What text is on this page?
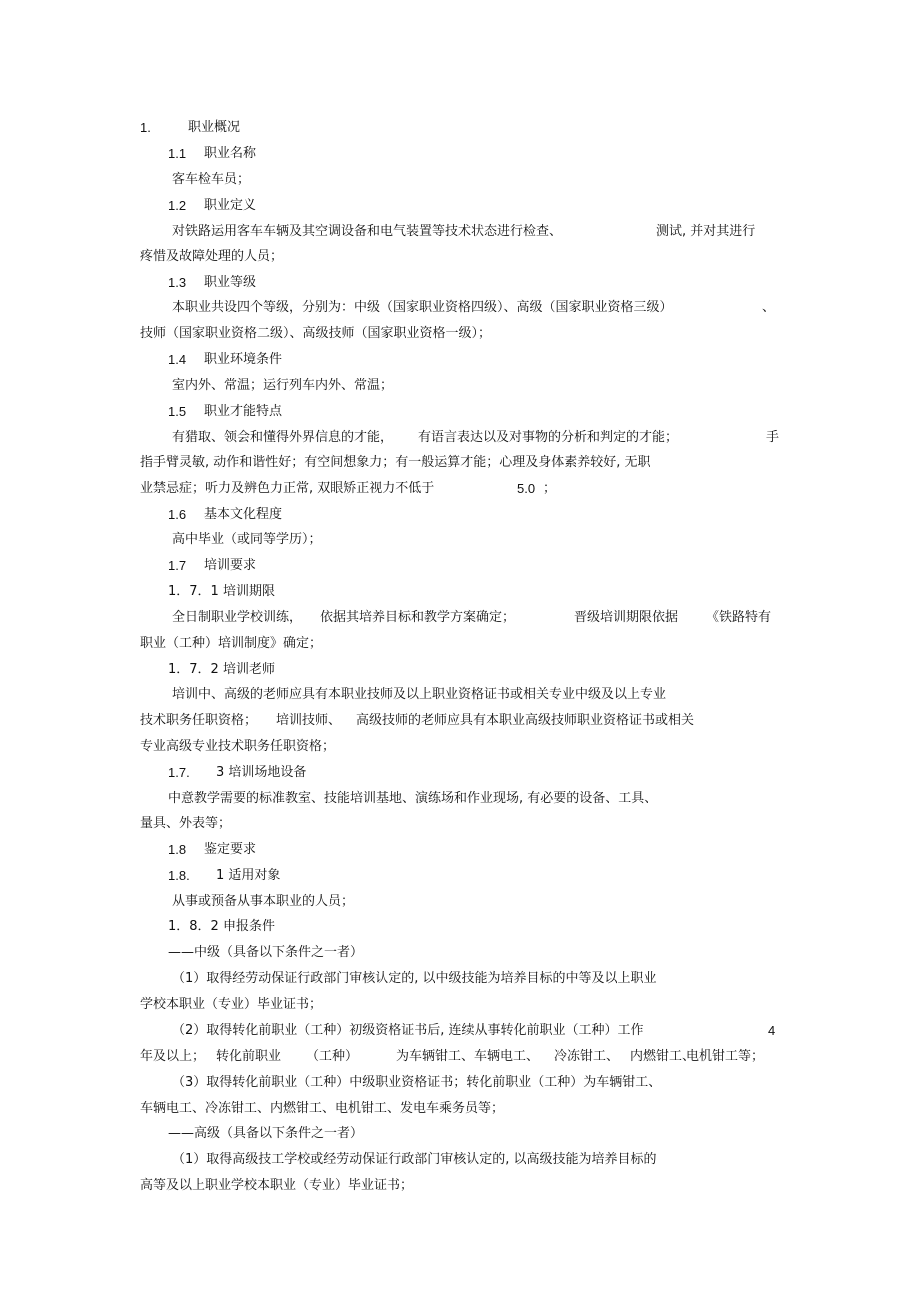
1.	职业概况
1.1 职业名称
客车检车员；
1.2 职业定义
对铁路运用客车车辆及其空调设备和电气装置等技术状态进行检查、	测试, 并对其进行
疼惜及故障处理的人员；
1.3 职业等级
本职业共设四个等级，分别为：中级（国家职业资格四级）、高级（国家职业资格三级）	、
技师（国家职业资格二级）、高级技师（国家职业资格一级）；
1.4 职业环境条件
室内外、常温；运行列车内外、常温；
1.5 职业才能特点
有猎取、领会和懂得外界信息的才能， 有语言表达以及对事物的分析和判定的才能；	手
指手臂灵敏, 动作和谐性好；有空间想象力；有一般运算才能；心理及身体素养较好, 无职
业禁忌症；听力及辨色力正常, 双眼矫正视力不低于	5.0 ；
1.6 基本文化程度
高中毕业（或同等学历）；
1.7 培训要求
1．7．1 培训期限
全日制职业学校训练， 依据其培养目标和教学方案确定；	晋级培训期限依据 《铁路特有
职业（工种）培训制度》确定；
1．7．2 培训老师
培训中、高级的老师应具有本职业技师及以上职业资格证书或相关专业中级及以上专业
技术职务任职资格； 培训技师、 高级技师的老师应具有本职业高级技师职业资格证书或相关
专业高级专业技术职务任职资格；
1.7. 3 培训场地设备
中意教学需要的标准教室、技能培训基地、演练场和作业现场, 有必要的设备、工具、
量具、外表等；
1.8 鉴定要求
1.8. 1 适用对象
从事或预备从事本职业的人员；
1．8．2 申报条件
——中级（具备以下条件之一者）
（1）取得经劳动保证行政部门审核认定的, 以中级技能为培养目标的中等及以上职业
学校本职业（专业）毕业证书；
（2）取得转化前职业（工种）初级资格证书后, 连续从事转化前职业（工种）工作	4
年及以上； 转化前职业 （工种）	为车辆钳工、 车辆电工、 冷冻钳工、 内燃钳工、
电机钳工等；
（3）取得转化前职业（工种）中级职业资格证书；转化前职业（工种）为车辆钳工、
车辆电工、冷冻钳工、内燃钳工、电机钳工、发电车乘务员等；
——高级（具备以下条件之一者）
（1）取得高级技工学校或经劳动保证行政部门审核认定的, 以高级技能为培养目标的
高等及以上职业学校本职业（专业）毕业证书；
